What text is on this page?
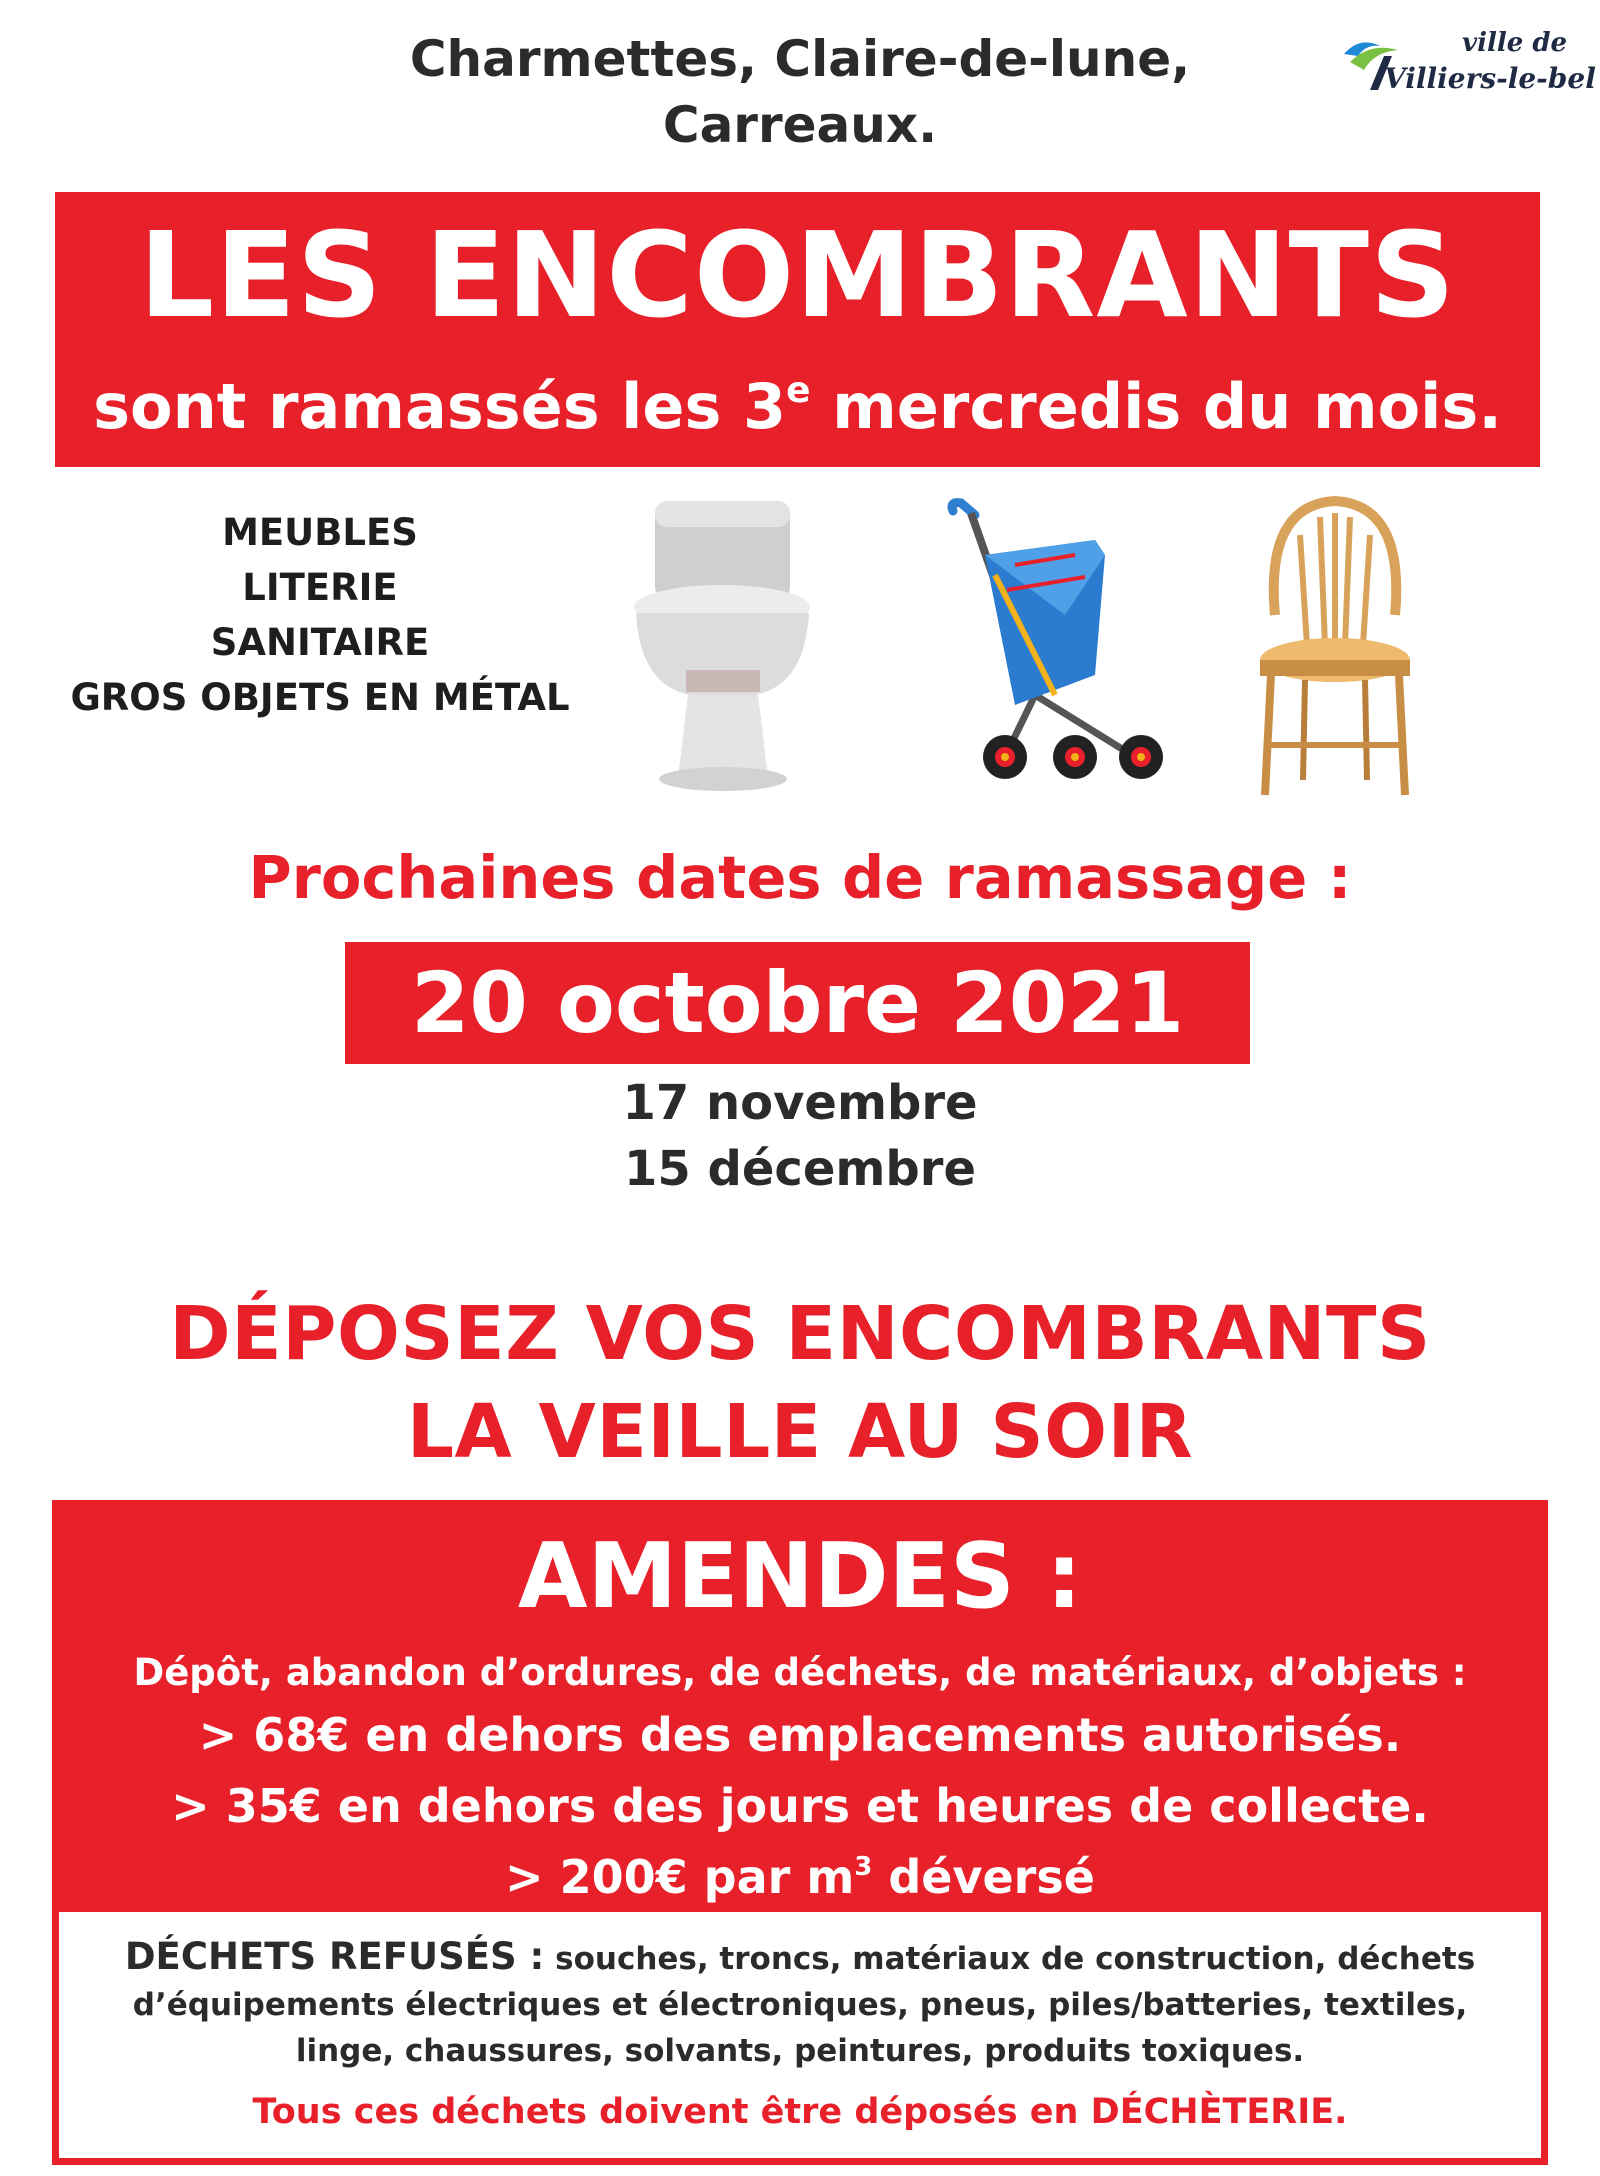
Charmettes, Claire-de-lune,
Carreaux.
ville de
Villiers-le-bel
LES ENCOMBRANTS
sont ramassés les 3e mercredis du mois.
MEUBLES
LITERIE
SANITAIRE
GROS OBJETS EN MÉTAL
Prochaines dates de ramassage :
20 octobre 2021
17 novembre
15 décembre
DÉPOSEZ VOS ENCOMBRANTS
LA VEILLE AU SOIR
AMENDES :
Dépôt, abandon d’ordures, de déchets, de matériaux, d’objets :
> 68€ en dehors des emplacements autorisés.
> 35€ en dehors des jours et heures de collecte.
> 200€ par $m^3$ déversé
DÉCHETS REFUSÉS : souches, troncs, matériaux de construction, déchets d’équipements électriques et électroniques, pneus, piles/batteries, textiles, linge, chaussures, solvants, peintures, produits toxiques.
Tous ces déchets doivent être déposés en DÉCHÈTERIE.
